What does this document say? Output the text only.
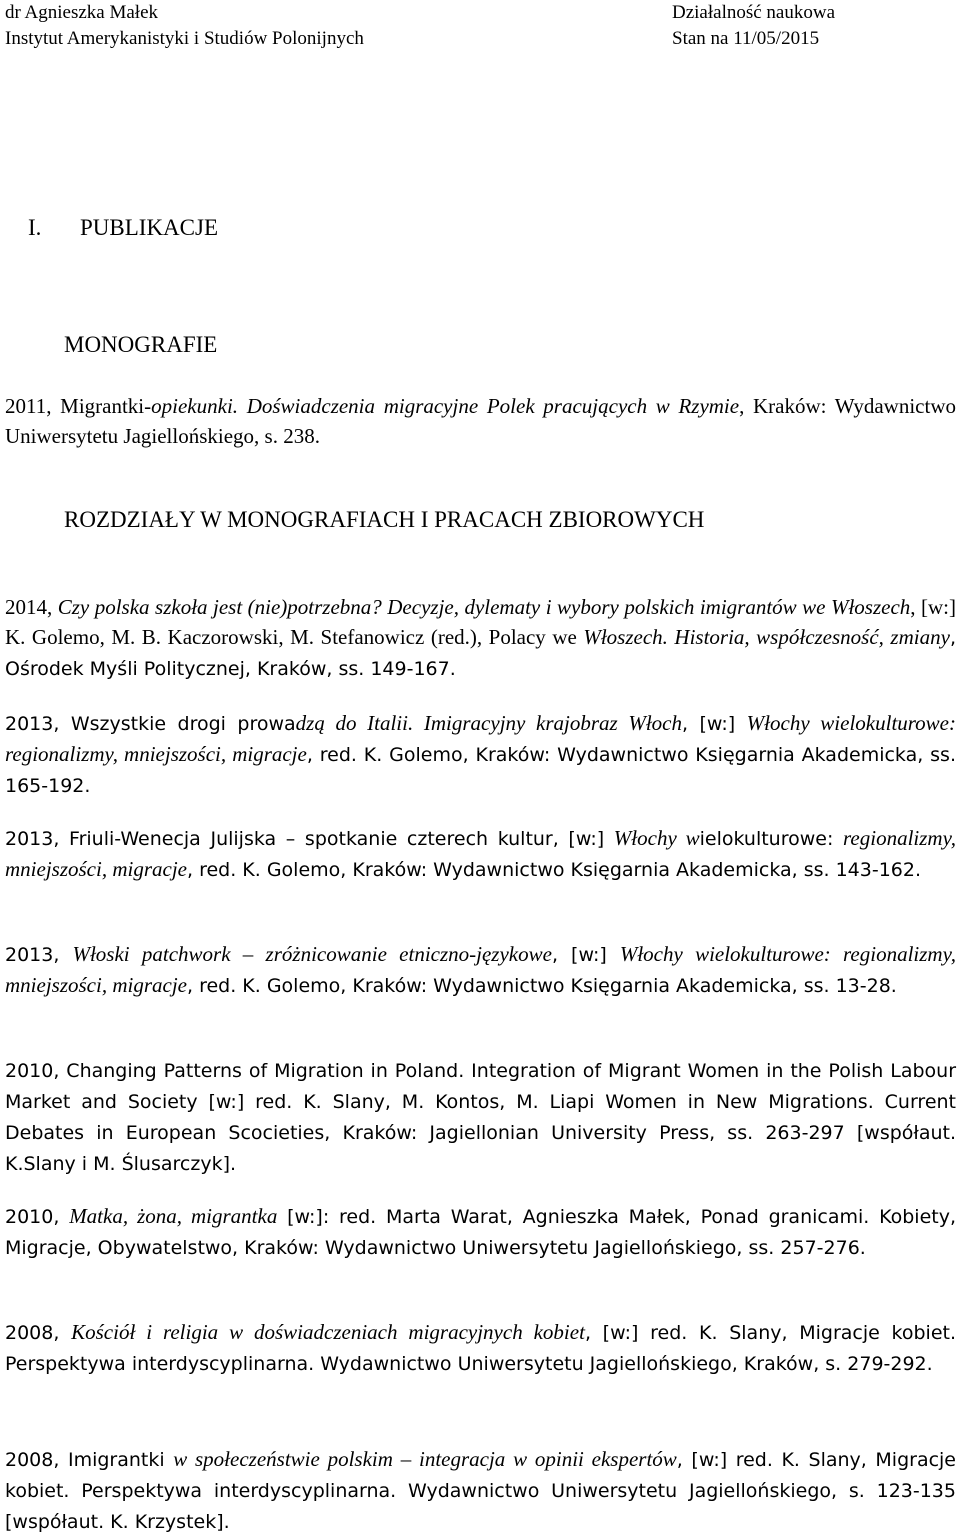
dr Agnieszka Małek
Instytut Amerykanistyki i Studiów Polonijnych
Działalność naukowa
Stan na 11/05/2015
I. PUBLIKACJE
MONOGRAFIE
2011, Migrantki-opiekunki. Doświadczenia migracyjne Polek pracujących w Rzymie, Kraków: Wydawnictwo Uniwersytetu Jagiellońskiego, s. 238.
ROZDZIAŁY W MONOGRAFIACH I PRACACH ZBIOROWYCH
2014, Czy polska szkoła jest (nie)potrzebna? Decyzje, dylematy i wybory polskich imigrantów we Włoszech, [w:] K. Golemo, M. B. Kaczorowski, M. Stefanowicz (red.), Polacy we Włoszech. Historia, współczesność, zmiany, Ośrodek Myśli Politycznej, Kraków, ss. 149-167.
2013, Wszystkie drogi prowadzą do Italii. Imigracyjny krajobraz Włoch, [w:] Włochy wielokulturowe: regionalizmy, mniejszości, migracje, red. K. Golemo, Kraków: Wydawnictwo Księgarnia Akademicka, ss. 165-192.
2013, Friuli-Wenecja Julijska – spotkanie czterech kultur, [w:] Włochy wielokulturowe: regionalizmy, mniejszości, migracje, red. K. Golemo, Kraków: Wydawnictwo Księgarnia Akademicka, ss. 143-162.
2013, Włoski patchwork – zróżnicowanie etniczno-językowe, [w:] Włochy wielokulturowe: regionalizmy, mniejszości, migracje, red. K. Golemo, Kraków: Wydawnictwo Księgarnia Akademicka, ss. 13-28.
2010, Changing Patterns of Migration in Poland. Integration of Migrant Women in the Polish Labour Market and Society [w:] red. K. Slany, M. Kontos, M. Liapi Women in New Migrations. Current Debates in European Scocieties, Kraków: Jagiellonian University Press, ss. 263-297 [współaut. K.Slany i M. Ślusarczyk].
2010, Matka, żona, migrantka [w:]: red. Marta Warat, Agnieszka Małek, Ponad granicami. Kobiety, Migracje, Obywatelstwo, Kraków: Wydawnictwo Uniwersytetu Jagiellońskiego, ss. 257-276.
2008, Kościół i religia w doświadczeniach migracyjnych kobiet, [w:] red. K. Slany, Migracje kobiet. Perspektywa interdyscyplinarna. Wydawnictwo Uniwersytetu Jagiellońskiego, Kraków, s. 279-292.
2008, Imigrantki w społeczeństwie polskim – integracja w opinii ekspertów, [w:] red. K. Slany, Migracje kobiet. Perspektywa interdyscyplinarna. Wydawnictwo Uniwersytetu Jagiellońskiego, s. 123-135 [współaut. K. Krzystek].
